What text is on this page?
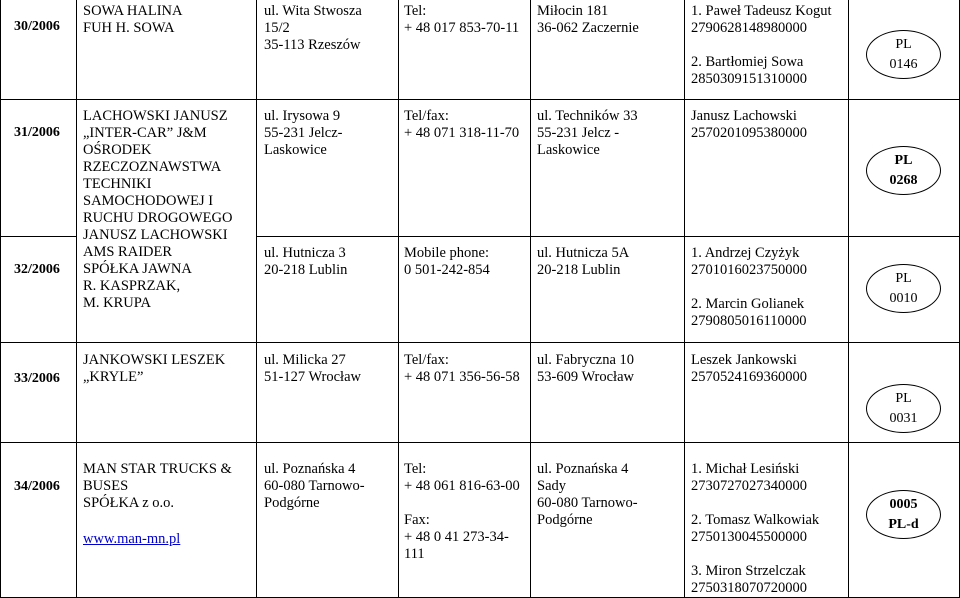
30/2006
SOWA HALINA
FUH H. SOWA
ul. Wita Stwosza
15/2
35-113 Rzeszów
Tel:
+ 48 017 853-70-11
Miłocin 181
36-062 Zaczernie
1. Paweł Tadeusz Kogut
2790628148980000

2. Bartłomiej Sowa
2850309151310000
PL
0146
31/2006
LACHOWSKI JANUSZ
„INTER-CAR” J&M
OŚRODEK
RZECZOZNAWSTWA
TECHNIKI
SAMOCHODOWEJ I
RUCHU DROGOWEGO
JANUSZ LACHOWSKI
AMS RAIDER
SPÓŁKA JAWNA
R. KASPRZAK,
M. KRUPA
ul. Irysowa 9
55-231 Jelcz-
Laskowice
Tel/fax:
+ 48 071 318-11-70
ul. Techników 33
55-231 Jelcz -
Laskowice
Janusz Lachowski
2570201095380000
PL
0268
32/2006
ul. Hutnicza 3
20-218 Lublin
Mobile phone:
0 501-242-854
ul. Hutnicza 5A
20-218 Lublin
1. Andrzej Czyżyk
2701016023750000

2. Marcin Golianek
2790805016110000
PL
0010
33/2006
JANKOWSKI LESZEK
„KRYLE”
ul. Milicka 27
51-127 Wrocław
Tel/fax:
+ 48 071 356-56-58
ul. Fabryczna 10
53-609 Wrocław
Leszek Jankowski
2570524169360000
PL
0031
34/2006
MAN STAR TRUCKS &
BUSES
SPÓŁKA z o.o.
www.man-mn.pl
ul. Poznańska 4
60-080 Tarnowo-
Podgórne
Tel:
+ 48 061 816-63-00

Fax:
+ 48 0 41 273-34-
111
ul. Poznańska 4
Sady
60-080 Tarnowo-
Podgórne
1. Michał Lesiński
2730727027340000

2. Tomasz Walkowiak
2750130045500000

3. Miron Strzelczak
2750318070720000
0005
PL-d
